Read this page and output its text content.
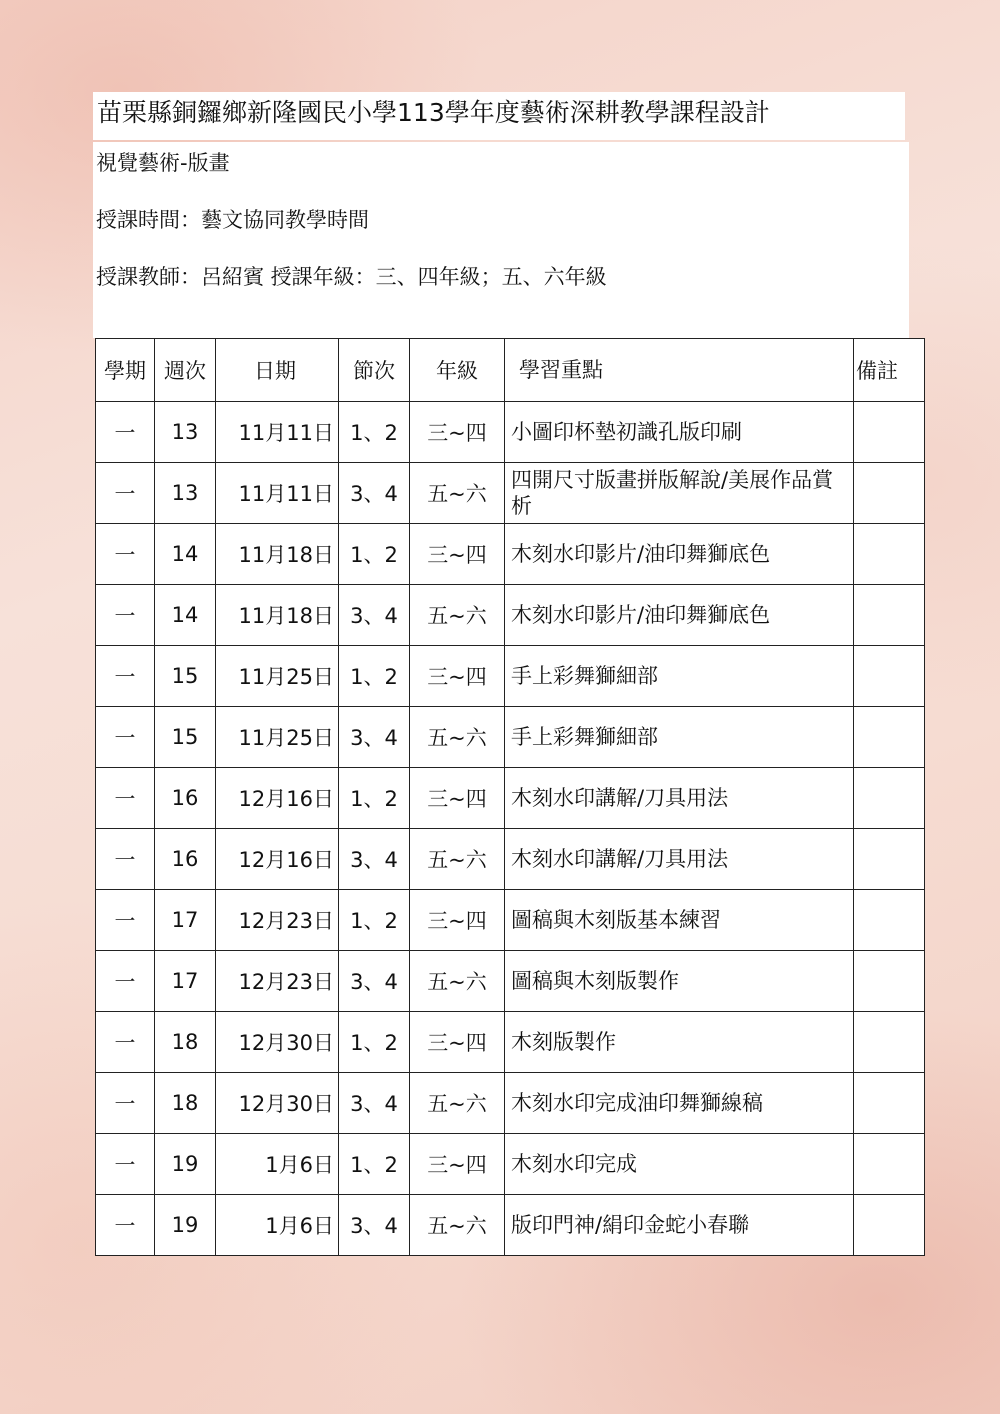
苗栗縣銅鑼鄉新隆國民小學113學年度藝術深耕教學課程設計
視覺藝術-版畫
授課時間：藝文協同教學時間
授課教師：呂紹賓 授課年級：三、四年級；五、六年級
學期	週次	日期	節次	年級	學習重點	備註
一	13	11月11日	1、2	三~四	小圖印杯墊初識孔版印刷	
一	13	11月11日	3、4	五~六	四開尺寸版畫拼版解說/美展作品賞析	
一	14	11月18日	1、2	三~四	木刻水印影片/油印舞獅底色	
一	14	11月18日	3、4	五~六	木刻水印影片/油印舞獅底色	
一	15	11月25日	1、2	三~四	手上彩舞獅細部	
一	15	11月25日	3、4	五~六	手上彩舞獅細部	
一	16	12月16日	1、2	三~四	木刻水印講解/刀具用法	
一	16	12月16日	3、4	五~六	木刻水印講解/刀具用法	
一	17	12月23日	1、2	三~四	圖稿與木刻版基本練習	
一	17	12月23日	3、4	五~六	圖稿與木刻版製作	
一	18	12月30日	1、2	三~四	木刻版製作	
一	18	12月30日	3、4	五~六	木刻水印完成油印舞獅線稿	
一	19	1月6日	1、2	三~四	木刻水印完成	
一	19	1月6日	3、4	五~六	版印門神/絹印金蛇小春聯	
